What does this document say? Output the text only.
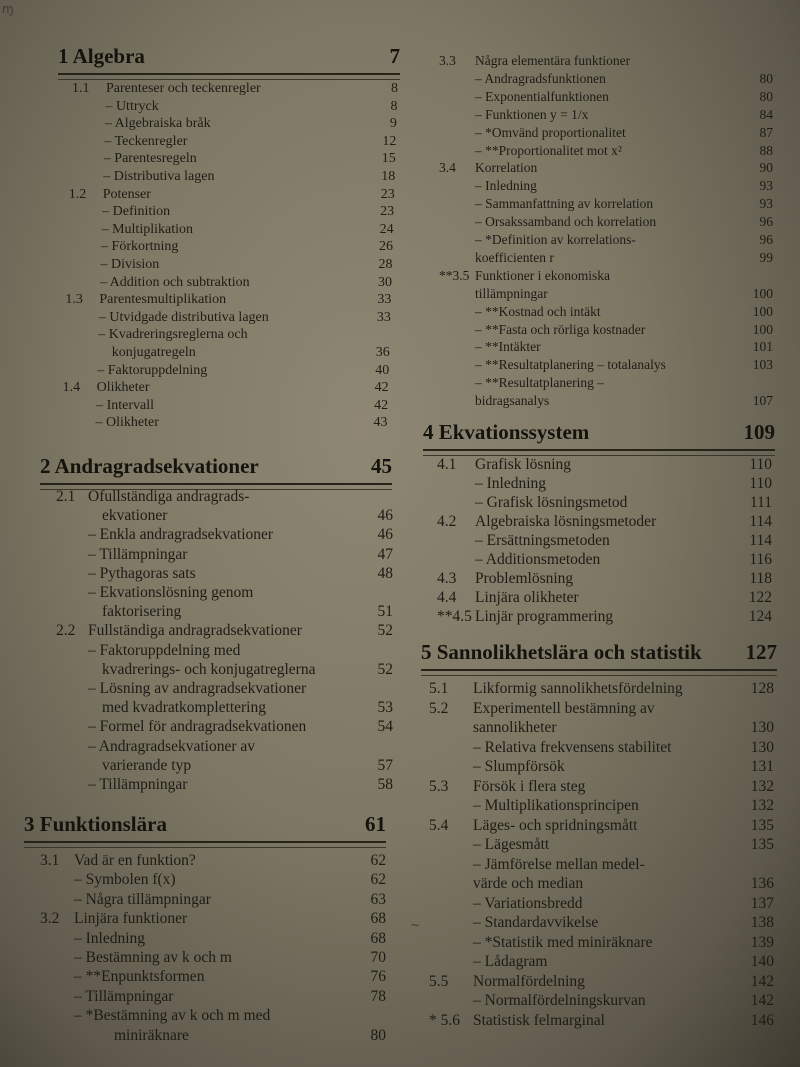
ɱ
~
1 Algebra	7
1.1	Parenteser och teckenregler	8
– Uttryck	8
– Algebraiska bråk	9
– Teckenregler	12
– Parentesregeln	15
– Distributiva lagen	18
1.2	Potenser	23
– Definition	23
– Multiplikation	24
– Förkortning	26
– Division	28
– Addition och subtraktion	30
1.3	Parentesmultiplikation	33
– Utvidgade distributiva lagen	33
– Kvadreringsreglerna och
konjugatregeln	36
– Faktoruppdelning	40
1.4	Olikheter	42
– Intervall	42
– Olikheter	43
2 Andragradsekvationer	45
2.1 Ofullständiga andragrads-
ekvationer	46
– Enkla andragradsekvationer	46
– Tillämpningar	47
– Pythagoras sats	48
– Ekvationslösning genom
faktorisering	51
2.2 Fullständiga andragradsekvationer	52
– Faktoruppdelning med
kvadrerings- och konjugatreglerna	52
– Lösning av andragradsekvationer
med kvadratkomplettering	53
– Formel för andragradsekvationen	54
– Andragradsekvationer av
varierande typ	57
– Tillämpningar	58
3 Funktionslära	61
3.1 Vad är en funktion?	62
– Symbolen f(x)	62
– Några tillämpningar	63
3.2 Linjära funktioner	68
– Inledning	68
– Bestämning av k och m	70
– **Enpunktsformen	76
– Tillämpningar	78
– *Bestämning av k och m med
miniräknare	80
3.3	Några elementära funktioner
– Andragradsfunktionen	80
– Exponentialfunktionen	80
– Funktionen y = 1/x	84
– *Omvänd proportionalitet	87
– **Proportionalitet mot x²	88
3.4	Korrelation	90
– Inledning	93
– Sammanfattning av korrelation	93
– Orsakssamband och korrelation	96
– *Definition av korrelations-	96
koefficienten r	99
**3.5 Funktioner i ekonomiska
tillämpningar	100
– **Kostnad och intäkt	100
– **Fasta och rörliga kostnader	100
– **Intäkter	101
– **Resultatplanering – totalanalys	103
– **Resultatplanering –
bidragsanalys	107
4 Ekvationssystem	109
4.1	Grafisk lösning	110
– Inledning	110
– Grafisk lösningsmetod	111
4.2	Algebraiska lösningsmetoder	114
– Ersättningsmetoden	114
– Additionsmetoden	116
4.3	Problemlösning	118
4.4	Linjära olikheter	122
**4.5 Linjär programmering	124
5 Sannolikhetslära och statistik 127
5.1	Likformig sannolikhetsfördelning	128
5.2	Experimentell bestämning av
sannolikheter	130
– Relativa frekvensens stabilitet	130
– Slumpförsök	131
5.3	Försök i flera steg	132
– Multiplikationsprincipen	132
5.4	Läges- och spridningsmått	135
– Lägesmått	135
– Jämförelse mellan medel-
värde och median	136
– Variationsbredd	137
– Standardavvikelse	138
– *Statistik med miniräknare	139
– Lådagram	140
5.5	Normalfördelning	142
– Normalfördelningskurvan	142
* 5.6 Statistisk felmarginal	146
